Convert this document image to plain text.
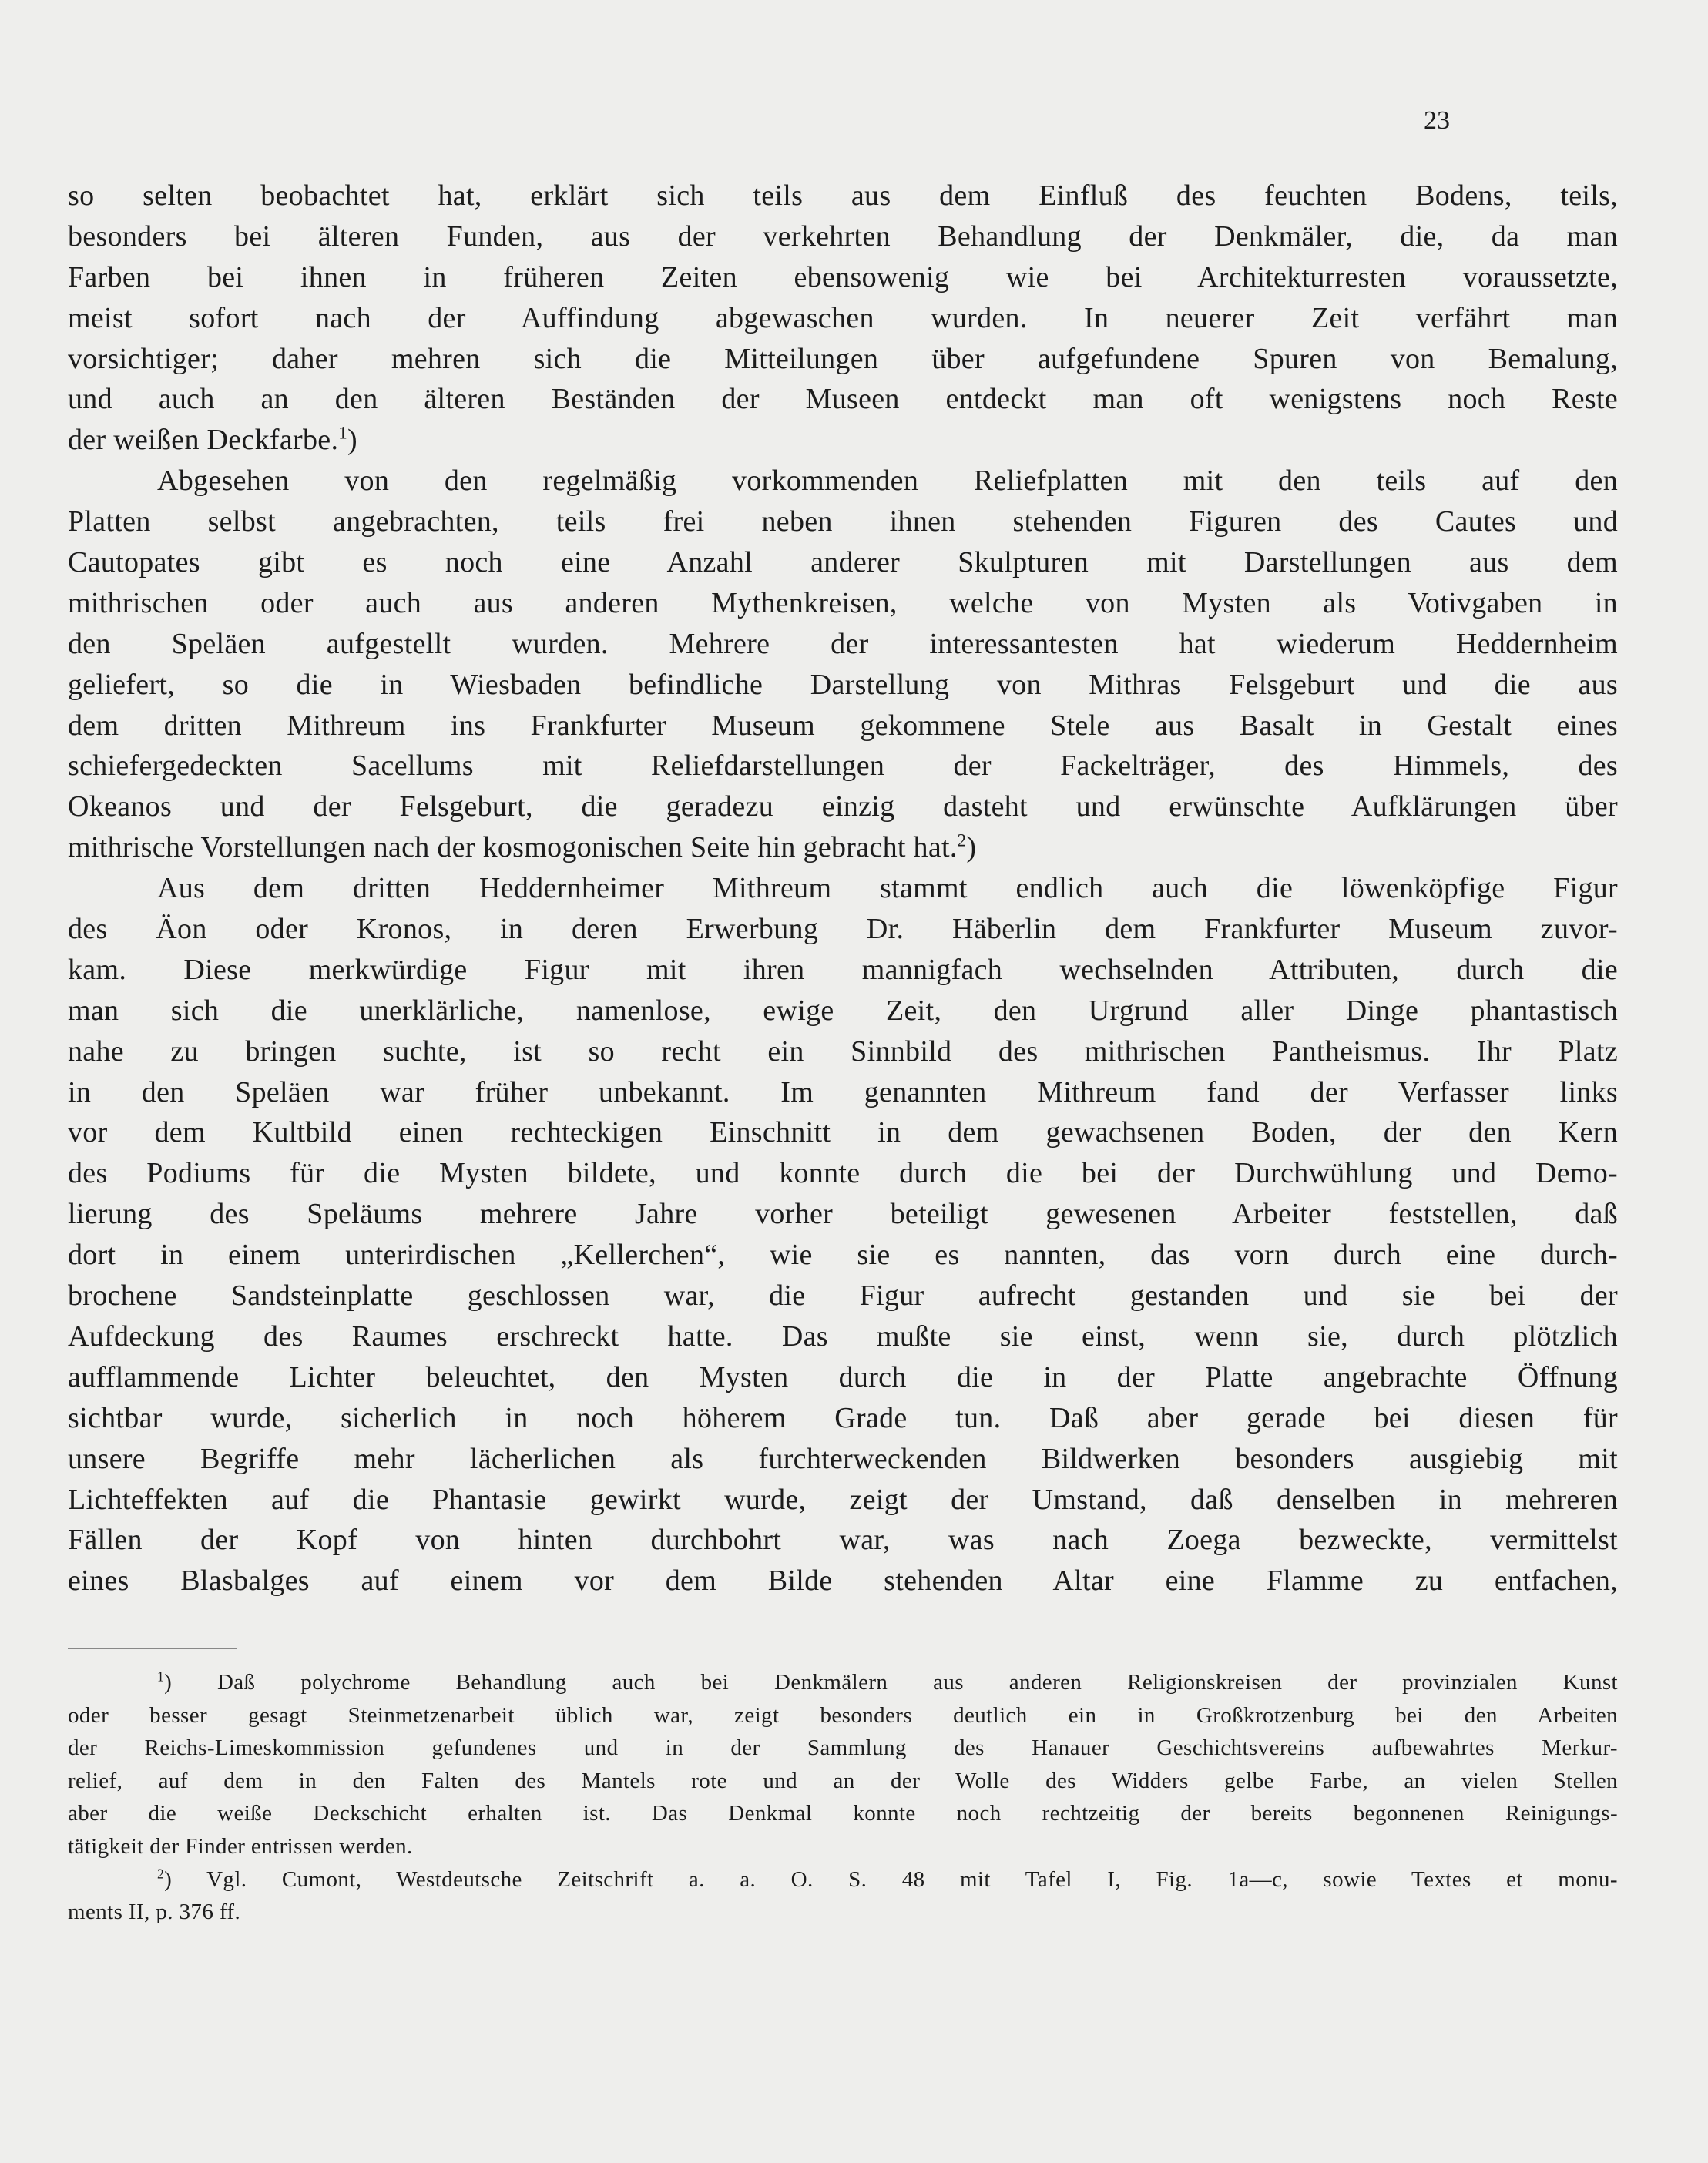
23
so selten beobachtet hat, erklärt sich teils aus dem Einfluß des feuchten Bodens, teils,
besonders bei älteren Funden, aus der verkehrten Behandlung der Denkmäler, die, da man
Farben bei ihnen in früheren Zeiten ebensowenig wie bei Architekturresten voraussetzte,
meist sofort nach der Auffindung abgewaschen wurden. In neuerer Zeit verfährt man
vorsichtiger; daher mehren sich die Mitteilungen über aufgefundene Spuren von Bemalung,
und auch an den älteren Beständen der Museen entdeckt man oft wenigstens noch Reste
der weißen Deckfarbe.$^1$)
Abgesehen von den regelmäßig vorkommenden Reliefplatten mit den teils auf den
Platten selbst angebrachten, teils frei neben ihnen stehenden Figuren des Cautes und
Cautopates gibt es noch eine Anzahl anderer Skulpturen mit Darstellungen aus dem
mithrischen oder auch aus anderen Mythenkreisen, welche von Mysten als Votivgaben in
den Speläen aufgestellt wurden. Mehrere der interessantesten hat wiederum Heddernheim
geliefert, so die in Wiesbaden befindliche Darstellung von Mithras Felsgeburt und die aus
dem dritten Mithreum ins Frankfurter Museum gekommene Stele aus Basalt in Gestalt eines
schiefergedeckten Sacellums mit Reliefdarstellungen der Fackelträger, des Himmels, des
Okeanos und der Felsgeburt, die geradezu einzig dasteht und erwünschte Aufklärungen über
mithrische Vorstellungen nach der kosmogonischen Seite hin gebracht hat.$^2$)
Aus dem dritten Heddernheimer Mithreum stammt endlich auch die löwenköpfige Figur
des Äon oder Kronos, in deren Erwerbung Dr. Häberlin dem Frankfurter Museum zuvor-
kam. Diese merkwürdige Figur mit ihren mannigfach wechselnden Attributen, durch die
man sich die unerklärliche, namenlose, ewige Zeit, den Urgrund aller Dinge phantastisch
nahe zu bringen suchte, ist so recht ein Sinnbild des mithrischen Pantheismus. Ihr Platz
in den Speläen war früher unbekannt. Im genannten Mithreum fand der Verfasser links
vor dem Kultbild einen rechteckigen Einschnitt in dem gewachsenen Boden, der den Kern
des Podiums für die Mysten bildete, und konnte durch die bei der Durchwühlung und Demo-
lierung des Speläums mehrere Jahre vorher beteiligt gewesenen Arbeiter feststellen, daß
dort in einem unterirdischen „Kellerchen“, wie sie es nannten, das vorn durch eine durch-
brochene Sandsteinplatte geschlossen war, die Figur aufrecht gestanden und sie bei der
Aufdeckung des Raumes erschreckt hatte. Das mußte sie einst, wenn sie, durch plötzlich
aufflammende Lichter beleuchtet, den Mysten durch die in der Platte angebrachte Öffnung
sichtbar wurde, sicherlich in noch höherem Grade tun. Daß aber gerade bei diesen für
unsere Begriffe mehr lächerlichen als furchterweckenden Bildwerken besonders ausgiebig mit
Lichteffekten auf die Phantasie gewirkt wurde, zeigt der Umstand, daß denselben in mehreren
Fällen der Kopf von hinten durchbohrt war, was nach Zoega bezweckte, vermittelst
eines Blasbalges auf einem vor dem Bilde stehenden Altar eine Flamme zu entfachen,
$^1$) Daß polychrome Behandlung auch bei Denkmälern aus anderen Religionskreisen der provinzialen Kunst
oder besser gesagt Steinmetzenarbeit üblich war, zeigt besonders deutlich ein in Großkrotzenburg bei den Arbeiten
der Reichs-Limeskommission gefundenes und in der Sammlung des Hanauer Geschichtsvereins aufbewahrtes Merkur-
relief, auf dem in den Falten des Mantels rote und an der Wolle des Widders gelbe Farbe, an vielen Stellen
aber die weiße Deckschicht erhalten ist. Das Denkmal konnte noch rechtzeitig der bereits begonnenen Reinigungs-
tätigkeit der Finder entrissen werden.
$^2$) Vgl. Cumont, Westdeutsche Zeitschrift a. a. O. S. 48 mit Tafel I, Fig. 1a—c, sowie Textes et monu-
ments II, p. 376 ff.
